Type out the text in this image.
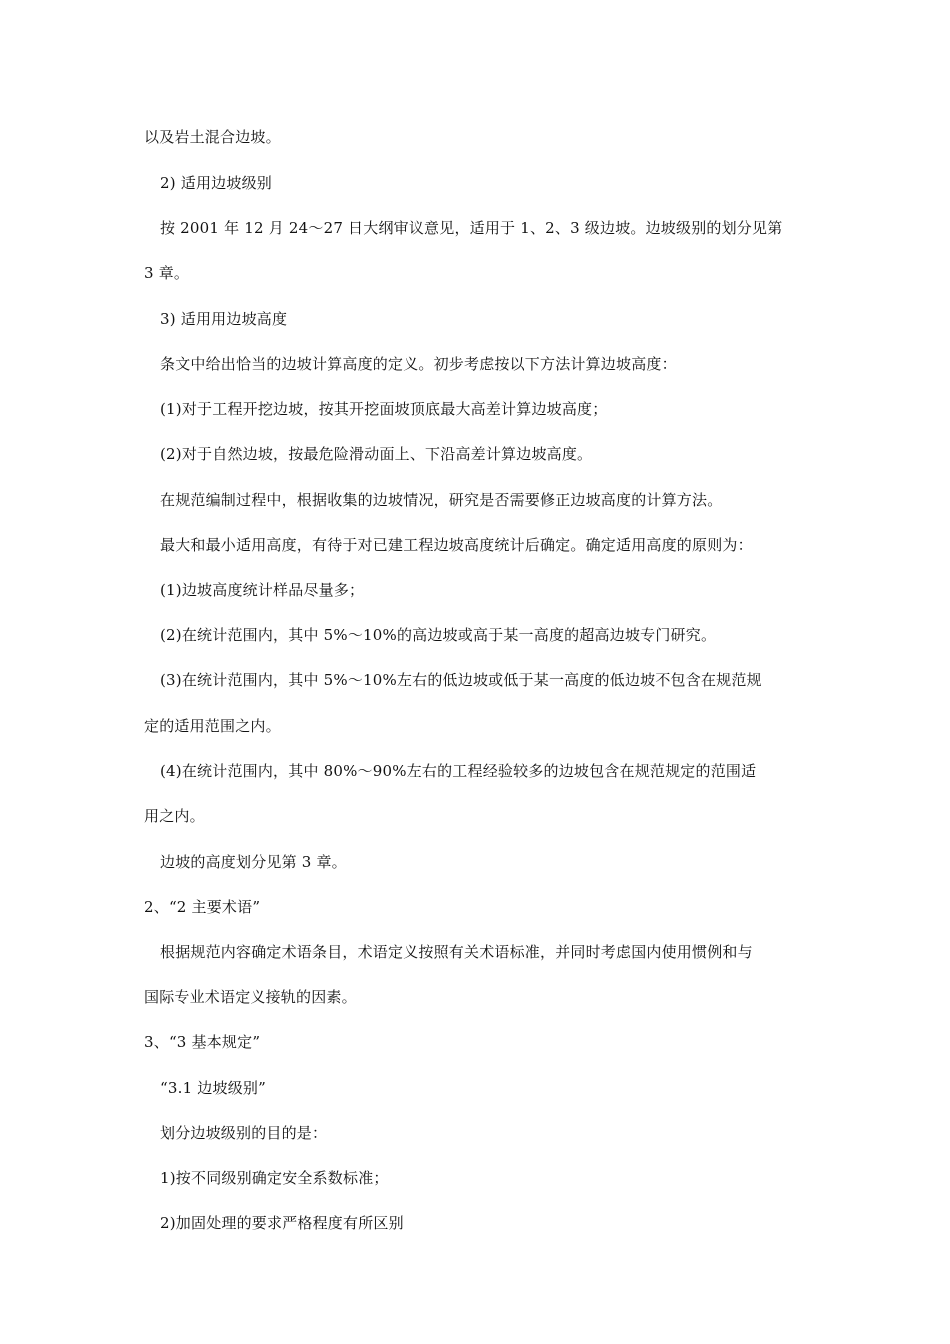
以及岩土混合边坡。
2) 适用边坡级别
按 2001 年 12 月 24～27 日大纲审议意见，适用于 1、2、3 级边坡。边坡级别的划分见第
3 章。
3) 适用用边坡高度
条文中给出恰当的边坡计算高度的定义。初步考虑按以下方法计算边坡高度：
(1)对于工程开挖边坡，按其开挖面坡顶底最大高差计算边坡高度；
(2)对于自然边坡，按最危险滑动面上、下沿高差计算边坡高度。
在规范编制过程中，根据收集的边坡情况，研究是否需要修正边坡高度的计算方法。
最大和最小适用高度，有待于对已建工程边坡高度统计后确定。确定适用高度的原则为：
(1)边坡高度统计样品尽量多；
(2)在统计范围内，其中 5%～10%的高边坡或高于某一高度的超高边坡专门研究。
(3)在统计范围内，其中 5%～10%左右的低边坡或低于某一高度的低边坡不包含在规范规
定的适用范围之内。
(4)在统计范围内，其中 80%～90%左右的工程经验较多的边坡包含在规范规定的范围适
用之内。
边坡的高度划分见第 3 章。
2、“2 主要术语”
根据规范内容确定术语条目，术语定义按照有关术语标准，并同时考虑国内使用惯例和与
国际专业术语定义接轨的因素。
3、“3 基本规定”
“3.1 边坡级别”
划分边坡级别的目的是：
1)按不同级别确定安全系数标准；
2)加固处理的要求严格程度有所区别
